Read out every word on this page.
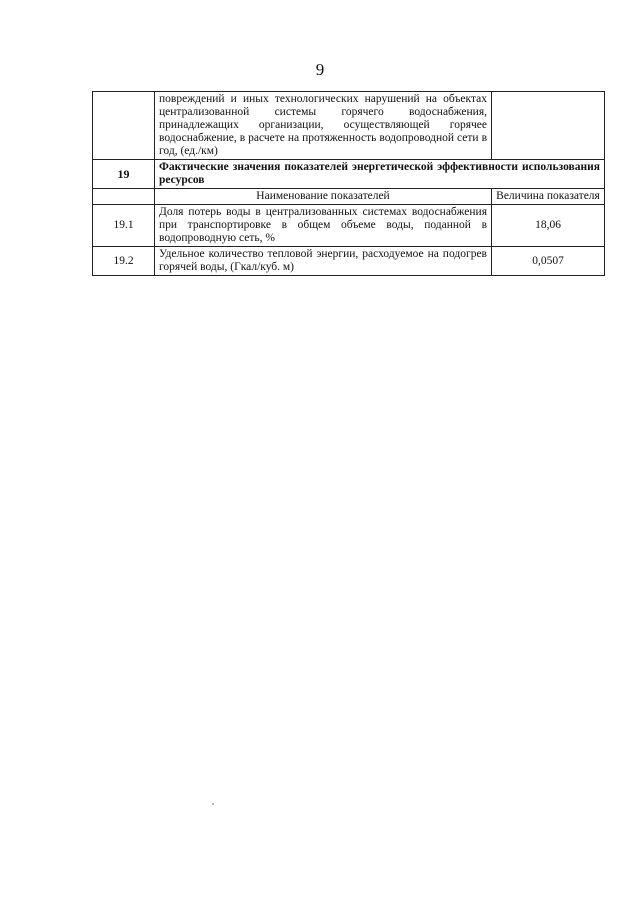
9
	повреждений и иных технологических нарушений на объектах централизованной системы горячего водоснабжения, принадлежащих организации, осуществляющей горячее водоснабжение, в расчете на протяженность водопроводной сети в год, (ед./км)	
19	Фактические значения показателей энергетической эффективности использования ресурсов	
	Наименование показателей	Величина показателя
19.1	Доля потерь воды в централизованных системах водоснабжения при транспортировке в общем объеме воды, поданной в водопроводную сеть, %	18,06
19.2	Удельное количество тепловой энергии, расходуемое на подогрев горячей воды, (Гкал/куб. м)	0,0507
